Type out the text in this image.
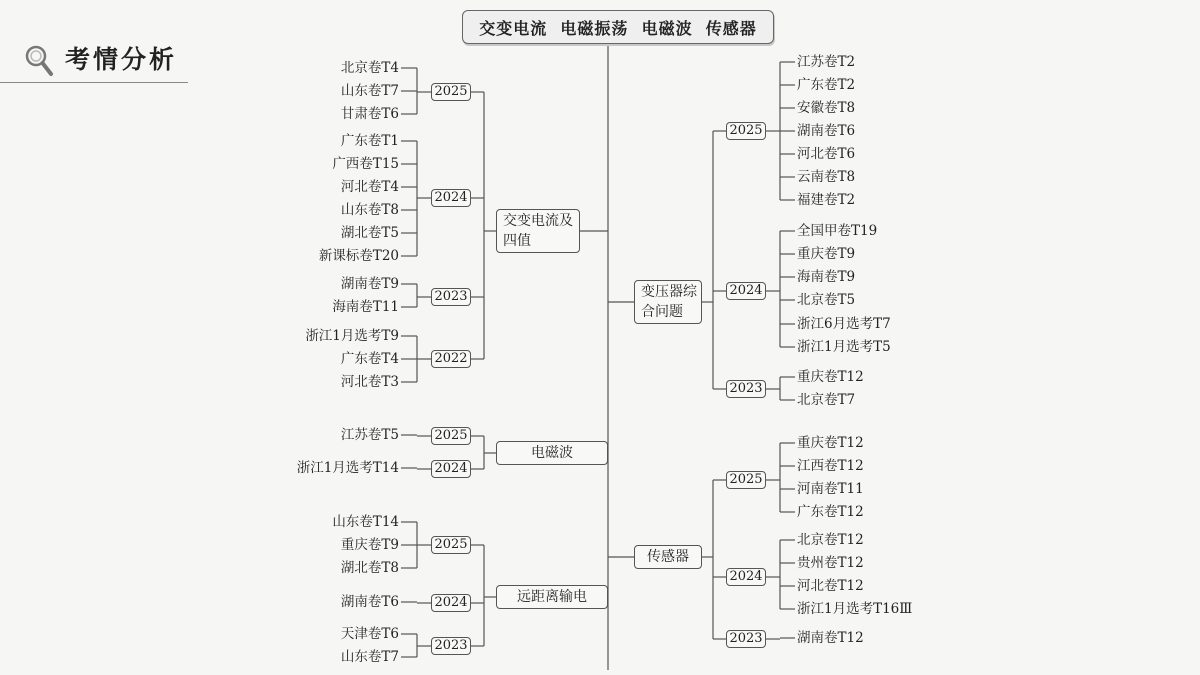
交变电流  电磁振荡  电磁波  传感器
考情分析
交变电流及四值
2025
北京卷T4
山东卷T7
甘肃卷T6
2024
广东卷T1
广西卷T15
河北卷T4
山东卷T8
湖北卷T5
新课标卷T20
2023
湖南卷T9
海南卷T11
2022
浙江1月选考T9
广东卷T4
河北卷T3
电磁波
2025
江苏卷T5
2024
浙江1月选考T14
远距离输电
2025
山东卷T14
重庆卷T9
湖北卷T8
2024
湖南卷T6
2023
天津卷T6
山东卷T7
变压器综合问题
2025
江苏卷T2
广东卷T2
安徽卷T8
湖南卷T6
河北卷T6
云南卷T8
福建卷T2
2024
全国甲卷T19
重庆卷T9
海南卷T9
北京卷T5
浙江6月选考T7
浙江1月选考T5
2023
重庆卷T12
北京卷T7
传感器
2025
重庆卷T12
江西卷T12
河南卷T11
广东卷T12
2024
北京卷T12
贵州卷T12
河北卷T12
浙江1月选考T16Ⅲ
2023	湖南卷T12
